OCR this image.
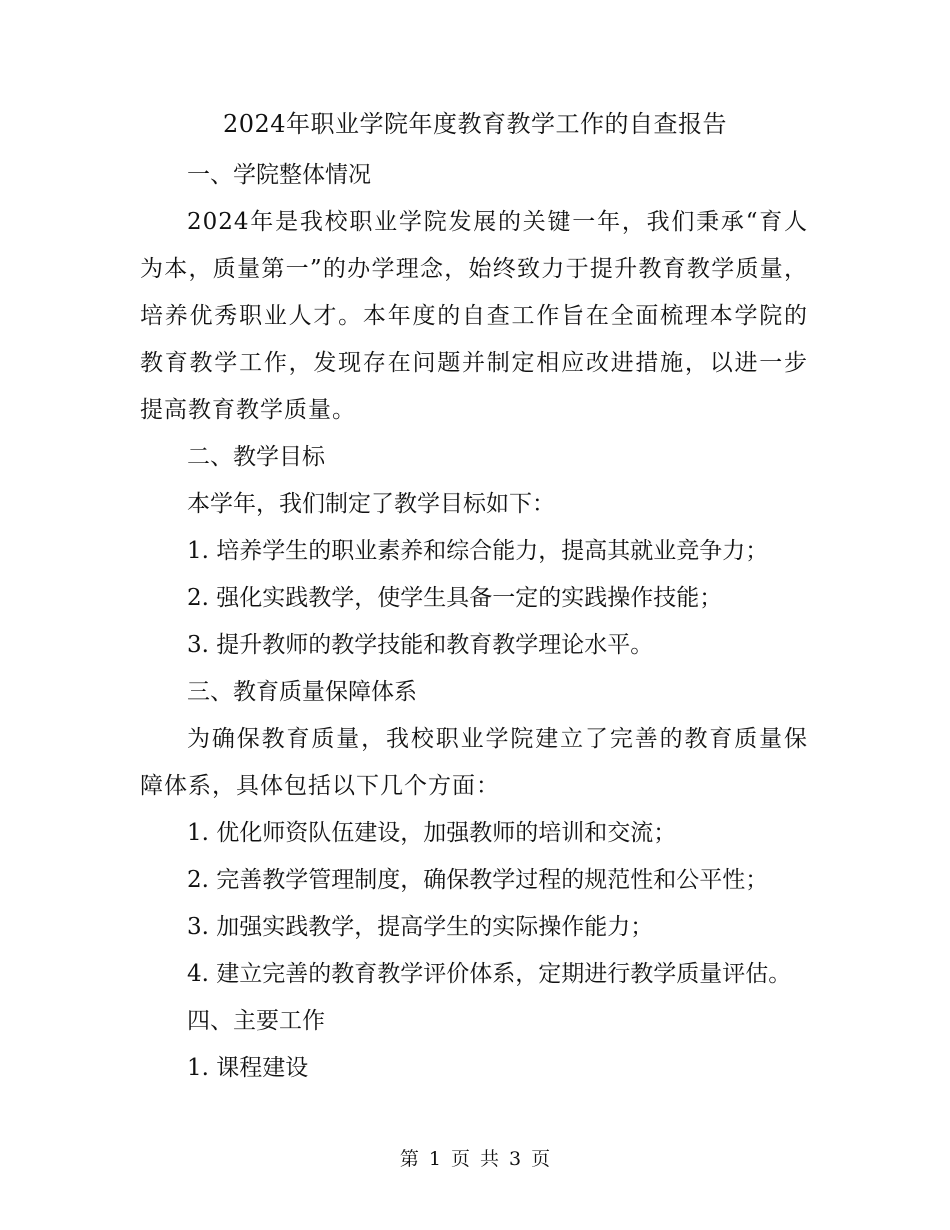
2024年职业学院年度教育教学工作的自查报告

一、学院整体情况

2024年是我校职业学院发展的关键一年，我们秉承“育人为本，质量第一”的办学理念，始终致力于提升教育教学质量，培养优秀职业人才。本年度的自查工作旨在全面梳理本学院的教育教学工作，发现存在问题并制定相应改进措施，以进一步提高教育教学质量。

二、教学目标

本学年，我们制定了教学目标如下：

1. 培养学生的职业素养和综合能力，提高其就业竞争力；

2. 强化实践教学，使学生具备一定的实践操作技能；

3. 提升教师的教学技能和教育教学理论水平。

三、教育质量保障体系

为确保教育质量，我校职业学院建立了完善的教育质量保障体系，具体包括以下几个方面：

1. 优化师资队伍建设，加强教师的培训和交流；

2. 完善教学管理制度，确保教学过程的规范性和公平性；

3. 加强实践教学，提高学生的实际操作能力；

4. 建立完善的教育教学评价体系，定期进行教学质量评估。

四、主要工作

1. 课程建设

第 1 页 共 3 页
